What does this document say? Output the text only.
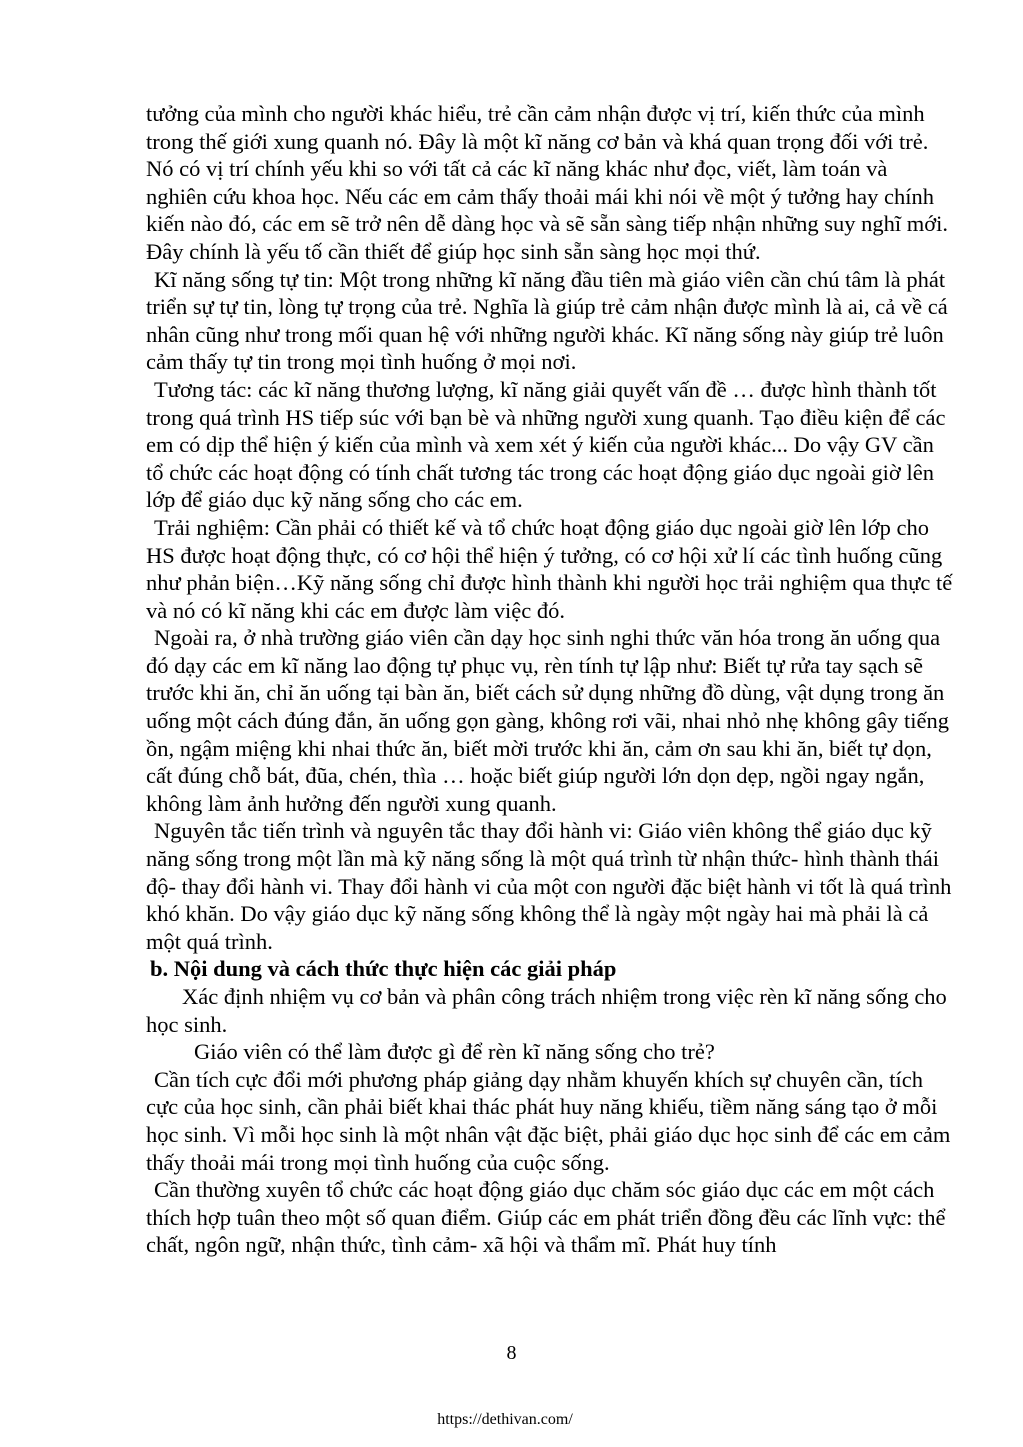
tưởng của mình cho người khác hiểu, trẻ cần cảm nhận được vị trí, kiến thức của mình trong thế giới xung quanh nó. Đây là một kĩ năng cơ bản và khá quan trọng đối với trẻ. Nó có vị trí chính yếu khi so với tất cả các kĩ năng khác như đọc, viết, làm toán và nghiên cứu khoa học. Nếu các em cảm thấy thoải mái khi nói về một ý tưởng hay chính kiến nào đó, các em sẽ trở nên dễ dàng học và sẽ sẵn sàng tiếp nhận những suy nghĩ mới. Đây chính là yếu tố cần thiết để giúp học sinh sẵn sàng học mọi thứ.

Kĩ năng sống tự tin: Một trong những kĩ năng đầu tiên mà giáo viên cần chú tâm là phát triển sự tự tin, lòng tự trọng của trẻ. Nghĩa là giúp trẻ cảm nhận được mình là ai, cả về cá nhân cũng như trong mối quan hệ với những người khác. Kĩ năng sống này giúp trẻ luôn cảm thấy tự tin trong mọi tình huống ở mọi nơi.

Tương tác: các kĩ năng thương lượng, kĩ năng giải quyết vấn đề … được hình thành tốt trong quá trình HS tiếp súc với bạn bè và những người xung quanh. Tạo điều kiện để các em có dịp thể hiện ý kiến của mình và xem xét ý kiến của người khác... Do vậy GV cần tổ chức các hoạt động có tính chất tương tác trong các hoạt động giáo dục ngoài giờ lên lớp để giáo dục kỹ năng sống cho các em.

Trải nghiệm: Cần phải có thiết kế và tổ chức hoạt động giáo dục ngoài giờ lên lớp cho HS được hoạt động thực, có cơ hội thể hiện ý tưởng, có cơ hội xử lí các tình huống cũng như phản biện…Kỹ năng sống chỉ được hình thành khi người học trải nghiệm qua thực tế và nó có kĩ năng khi các em được làm việc đó.

Ngoài ra, ở nhà trường giáo viên cần dạy học sinh nghi thức văn hóa trong ăn uống qua đó dạy các em kĩ năng lao động tự phục vụ, rèn tính tự lập như: Biết tự rửa tay sạch sẽ trước khi ăn, chỉ ăn uống tại bàn ăn, biết cách sử dụng những đồ dùng, vật dụng trong ăn uống một cách đúng đắn, ăn uống gọn gàng, không rơi vãi, nhai nhỏ nhẹ không gây tiếng ồn, ngậm miệng khi nhai thức ăn, biết mời trước khi ăn, cảm ơn sau khi ăn, biết tự dọn, cất đúng chỗ bát, đũa, chén, thìa … hoặc biết giúp người lớn dọn dẹp, ngồi ngay ngắn, không làm ảnh hưởng đến người xung quanh.

Nguyên tắc tiến trình và nguyên tắc thay đổi hành vi: Giáo viên không thể giáo dục kỹ năng sống trong một lần mà kỹ năng sống là một quá trình từ nhận thức- hình thành thái độ- thay đổi hành vi. Thay đổi hành vi của một con người đặc biệt hành vi tốt là quá trình khó khăn. Do vậy giáo dục kỹ năng sống không thể là ngày một ngày hai mà phải là cả một quá trình.

b. Nội dung và cách thức thực hiện các giải pháp

Xác định nhiệm vụ cơ bản và phân công trách nhiệm trong việc rèn kĩ năng sống cho học sinh.

Giáo viên có thể làm được gì để rèn kĩ năng sống cho trẻ?

Cần tích cực đổi mới phương pháp giảng dạy nhằm khuyến khích sự chuyên cần, tích cực của học sinh, cần phải biết khai thác phát huy năng khiếu, tiềm năng sáng tạo ở mỗi học sinh. Vì mỗi học sinh là một nhân vật đặc biệt, phải giáo dục học sinh để các em cảm thấy thoải mái trong mọi tình huống của cuộc sống.

Cần thường xuyên tổ chức các hoạt động giáo dục chăm sóc giáo dục các em một cách thích hợp tuân theo một số quan điểm. Giúp các em phát triển đồng đều các lĩnh vực: thể chất, ngôn ngữ, nhận thức, tình cảm- xã hội và thẩm mĩ. Phát huy tính

8
https://dethivan.com/
